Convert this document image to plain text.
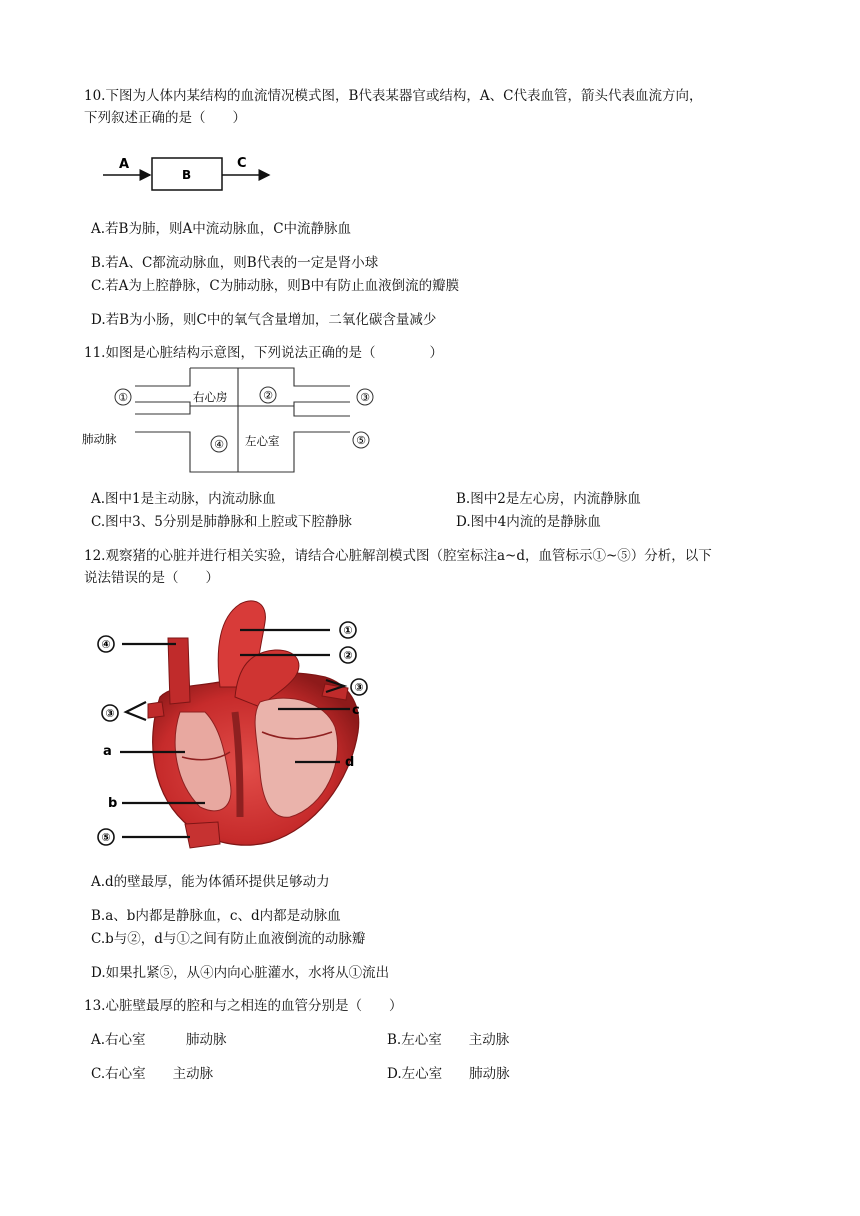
10.下图为人体内某结构的血流情况模式图，B代表某器官或结构，A、C代表血管，箭头代表血流方向，
下列叙述正确的是（　　）
A
B
C
A.若B为肺，则A中流动脉血，C中流静脉血
B.若A、C都流动脉血，则B代表的一定是肾小球
C.若A为上腔静脉，C为肺动脉，则B中有防止血液倒流的瓣膜
D.若B为小肠，则C中的氧气含量增加，二氧化碳含量减少
11.如图是心脏结构示意图，下列说法正确的是（　　　　）
①	②	③
④	⑤
右心房
左心室
肺动脉
A.图中1是主动脉，内流动脉血	B.图中2是左心房，内流静脉血
C.图中3、5分别是肺静脉和上腔或下腔静脉	D.图中4内流的是静脉血
12.观察猪的心脏并进行相关实验，请结合心脏解剖模式图（腔室标注a~d，血管标示①~⑤）分析，以下
说法错误的是（　　）
④
①
②
③
③
⑤
a
b
c
d
A.d的壁最厚，能为体循环提供足够动力
B.a、b内都是静脉血，c、d内都是动脉血
C.b与②，d与①之间有防止血液倒流的动脉瓣
D.如果扎紧⑤，从④内向心脏灌水，水将从①流出
13.心脏壁最厚的腔和与之相连的血管分别是（　　）
A.右心室　　　肺动脉	B.左心室　　主动脉
C.右心室　　主动脉	D.左心室　　肺动脉
